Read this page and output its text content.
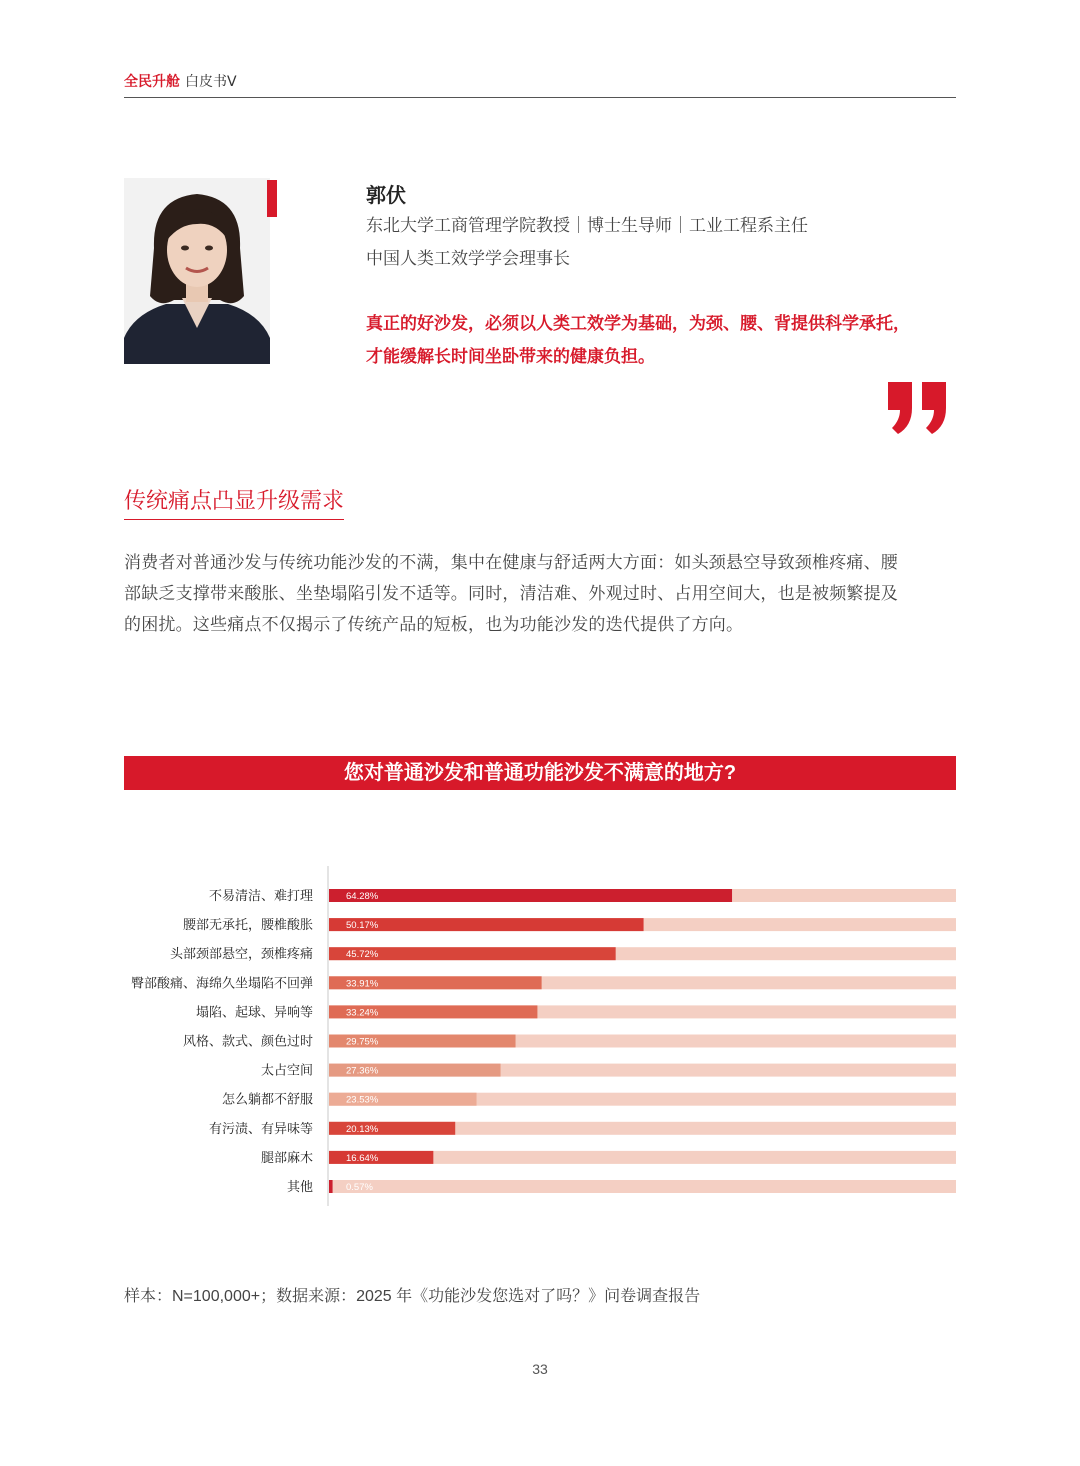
全民升舱 白皮书Ⅴ
郭伏
东北大学工商管理学院教授｜博士生导师｜工业工程系主任
中国人类工效学学会理事长
真正的好沙发，必须以人类工效学为基础，为颈、腰、背提供科学承托，
才能缓解长时间坐卧带来的健康负担。
传统痛点凸显升级需求

消费者对普通沙发与传统功能沙发的不满，集中在健康与舒适两大方面：如头颈悬空导致颈椎疼痛、腰

部缺乏支撑带来酸胀、坐垫塌陷引发不适等。同时，清洁难、外观过时、占用空间大，也是被频繁提及

的困扰。这些痛点不仅揭示了传统产品的短板，也为功能沙发的迭代提供了方向。

您对普通沙发和普通功能沙发不满意的地方?
64.28%
不易清洁、难打理
50.17%
腰部无承托，腰椎酸胀
45.72%
头部颈部悬空，颈椎疼痛
33.91%
臀部酸痛、海绵久坐塌陷不回弹
33.24%
塌陷、起球、异响等
29.75%
风格、款式、颜色过时
27.36%
太占空间
23.53%
怎么躺都不舒服
20.13%
有污渍、有异味等
16.64%
腿部麻木
0.57%
其他
样本：N=100,000+；数据来源：2025 年《功能沙发您选对了吗？》问卷调查报告
33
